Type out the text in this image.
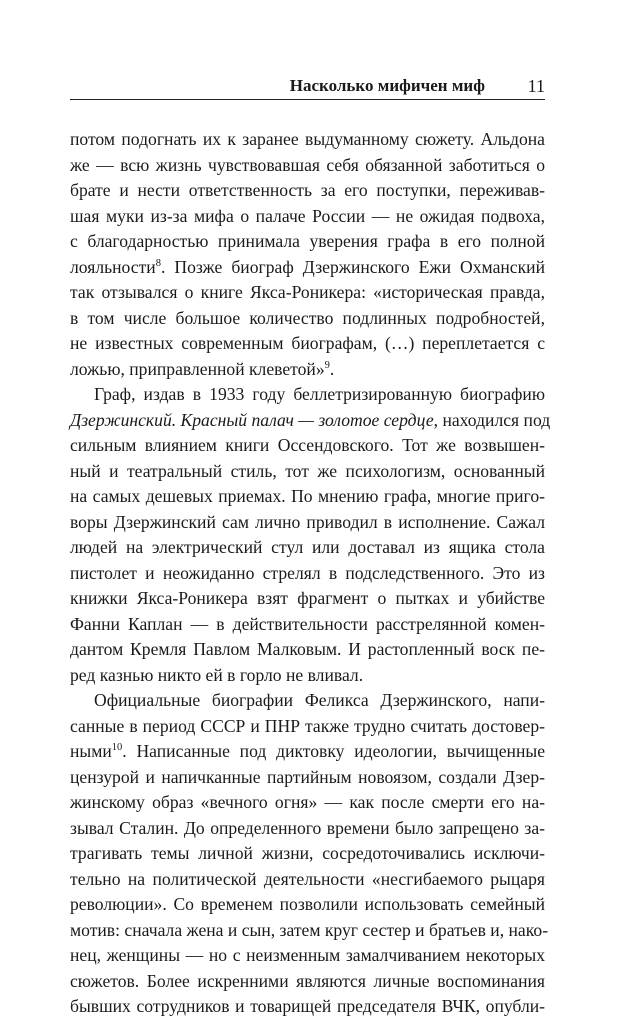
Насколько мифичен миф 11
потом подогнать их к заранее выдуманному сюжету. Альдона
же — всю жизнь чувствовавшая себя обязанной заботиться о
брате и нести ответственность за его поступки, переживав-
шая муки из-за мифа о палаче России — не ожидая подвоха,
с благодарностью принимала уверения графа в его полной
лояльности$^8$. Позже биограф Дзержинского Ежи Охманский
так отзывался о книге Якса-Роникера: «историческая правда,
в том числе большое количество подлинных подробностей,
не известных современным биографам, (…) переплетается с
ложью, приправленной клеветой»$^9$.
Граф, издав в 1933 году беллетризированную биографию
Дзержинский. Красный палач — золотое сердце, находился под
сильным влиянием книги Оссендовского. Тот же возвышен-
ный и театральный стиль, тот же психологизм, основанный
на самых дешевых приемах. По мнению графа, многие приго-
воры Дзержинский сам лично приводил в исполнение. Сажал
людей на электрический стул или доставал из ящика стола
пистолет и неожиданно стрелял в подследственного. Это из
книжки Якса-Роникера взят фрагмент о пытках и убийстве
Фанни Каплан — в действительности расстрелянной комен-
дантом Кремля Павлом Малковым. И растопленный воск пе-
ред казнью никто ей в горло не вливал.
Официальные биографии Феликса Дзержинского, напи-
санные в период СССР и ПНР также трудно считать достовер-
ными$^{10}$. Написанные под диктовку идеологии, вычищенные
цензурой и напичканные партийным новоязом, создали Дзер-
жинскому образ «вечного огня» — как после смерти его на-
зывал Сталин. До определенного времени было запрещено за-
трагивать темы личной жизни, сосредоточивались исключи-
тельно на политической деятельности «несгибаемого рыцаря
революции». Со временем позволили использовать семейный
мотив: сначала жена и сын, затем круг сестер и братьев и, нако-
нец, женщины — но с неизменным замалчиванием некоторых
сюжетов. Более искренними являются личные воспоминания
бывших сотрудников и товарищей председателя ВЧК, опубли-
